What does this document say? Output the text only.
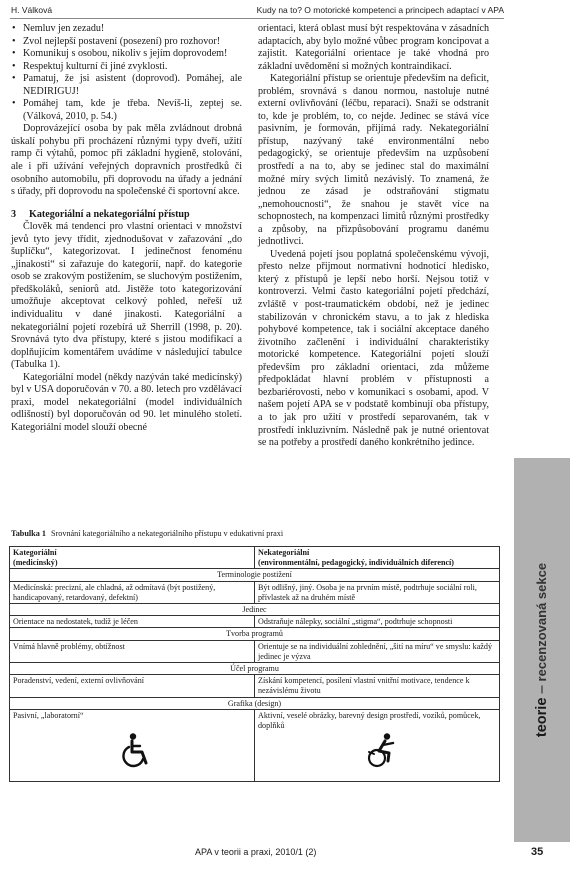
H. Válková	Kudy na to? O motorické kompetenci a principech adaptací v APA
• Nemluv jen zezadu!
• Zvol nejlepší postavení (posezení) pro rozhovor!
• Komunikuj s osobou, nikoliv s jejím doprovodem!
• Respektuj kulturní či jiné zvyklosti.
• Pamatuj, že jsi asistent (doprovod). Pomáhej, ale NEDIRIGUJ!
• Pomáhej tam, kde je třeba. Nevíš-li, zeptej se. (Válková, 2010, p. 54.)

Doprovázející osoba by pak měla zvládnout drobná úskalí pohybu při procházení různými typy dveří, užití ramp či výtahů, pomoc při základní hygieně, stolování, ale i při užívání veřejných dopravních prostředků či osobního automobilu, při doprovodu na úřady a jednání s úřady, při doprovodu na společenské či sportovní akce.

3 Kategoriální a nekategoriální přístup

Člověk má tendenci pro vlastní orientaci v množství jevů tyto jevy třídit, zjednodušovat v zařazování „do šuplíčku“, kategorizovat. I jedinečnost fenoménu „jinakosti“ si zařazuje do kategorií, např. do kategorie osob se zrakovým postižením, se sluchovým postižením, předškoláků, seniorů atd. Jistěže toto kategorizování umožňuje akceptovat celkový pohled, neřeší už individualitu v dané jinakosti. Kategoriální a nekategoriální pojetí rozebírá už Sherrill (1998, p. 20). Srovnává tyto dva přístupy, které s jistou modifikací a doplňujícím komentářem uvádíme v následující tabulce (Tabulka 1).

Kategoriální model (někdy nazýván také medicínský) byl v USA doporučován v 70. a 80. letech pro vzdělávací praxi, model nekategoriální (model individuálních odlišností) byl doporučován od 90. let minulého století. Kategoriální model slouží obecné

orientaci, která oblast musí být respektována v zásadních adaptacích, aby bylo možné vůbec program koncipovat a zajistit. Kategoriální orientace je také vhodná pro základní uvědomění si možných kontraindikací.

Kategoriální přístup se orientuje především na deficit, problém, srovnává s danou normou, nastoluje nutné externí ovlivňování (léčbu, reparaci). Snaží se odstranit to, kde je problém, to, co nejde. Jedinec se stává více pasivním, je formován, přijímá rady. Nekategoriální přístup, nazývaný také environmentální nebo pedagogický, se orientuje především na uzpůsobení prostředí a na to, aby se jedinec stal do maximální možné míry svých limitů nezávislý. To znamená, že jednou ze zásad je odstraňování stigmatu „nemohoucnosti“, že snahou je stavět více na schopnostech, na kompenzaci limitů různými prostředky a způsoby, na přizpůsobování programu danému jednotlivci.

Uvedená pojetí jsou poplatná společenskému vývoji, přesto nelze přijmout normativní hodnoticí hledisko, který z přístupů je lepší nebo horší. Nejsou totiž v kontroverzi. Velmi často kategoriální pojetí předchází, zvláště v post-traumatickém období, než je jedinec stabilizován v chronickém stavu, a to jak z hlediska pohybové kompetence, tak i sociální akceptace daného životního začlenění i individuální charakteristiky motorické kompetence. Kategoriální pojetí slouží především pro základní orientaci, zda můžeme předpokládat hlavní problém v přístupnosti a bezbariérovosti, nebo v komunikaci s osobami, apod. V našem pojetí APA se v podstatě kombinují oba přístupy, a to jak pro užití v prostředí separovaném, tak v prostředí inkluzivním. Následně pak je nutné orientovat se na potřeby a prostředí daného konkrétního jedince.

Tabulka 1 Srovnání kategoriálního a nekategoriálního přístupu v edukativní praxi
Kategoriální
(medicínský)	Nekategoriální
(environmentální, pedagogický, individuálních diferencí)
Terminologie postižení	
Medicínská: precizní, ale chladná, až odmítavá (být postižený, handicapovaný, retardovaný, defektní)	Být odlišný, jiný. Osoba je na prvním místě, podtrhuje sociální roli, přívlastek až na druhém místě
Jedinec	
Orientace na nedostatek, tudíž je léčen	Odstraňuje nálepky, sociální „stigma“, podtrhuje schopnosti
Tvorba programů	
Vnímá hlavně problémy, obtížnost	Orientuje se na individuální zohlednění, „šití na míru“ ve smyslu: každý jedinec je výzva
Účel programu	
Poradenství, vedení, externí ovlivňování	Získání kompetencí, posílení vlastní vnitřní motivace, tendence k nezávislému životu
Grafika (design)	
Pasivní, „laboratorní“	Aktivní, veselé obrázky, barevný design prostředí, vozíků, pomůcek, doplňků	teorie – recenzovaná sekce
APA v teorii a praxi, 2010/1 (2)	35
